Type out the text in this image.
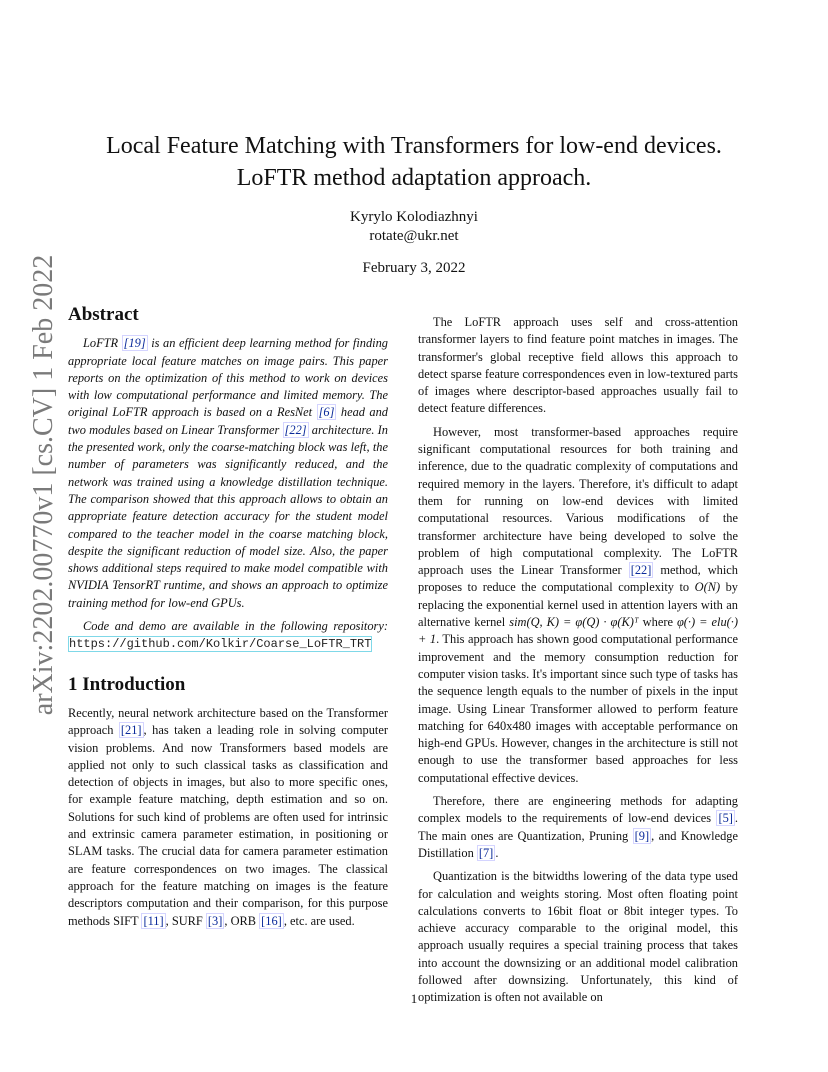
arXiv:2202.00770v1 [cs.CV] 1 Feb 2022
Local Feature Matching with Transformers for low-end devices.
LoFTR method adaptation approach.
Kyrylo Kolodiazhnyi
rotate@ukr.net
February 3, 2022
Abstract

LoFTR [19] is an efficient deep learning method for finding appropriate local feature matches on image pairs. This paper reports on the optimization of this method to work on devices with low computational performance and limited memory. The original LoFTR approach is based on a ResNet [6] head and two modules based on Linear Transformer [22] architecture. In the presented work, only the coarse-matching block was left, the number of parameters was significantly reduced, and the network was trained using a knowledge distillation technique. The comparison showed that this approach allows to obtain an appropriate feature detection accuracy for the student model compared to the teacher model in the coarse matching block, despite the significant reduction of model size. Also, the paper shows additional steps required to make model compatible with NVIDIA TensorRT runtime, and shows an approach to optimize training method for low-end GPUs.

Code and demo are available in the following repository: https://github.com/Kolkir/Coarse_LoFTR_TRT

1 Introduction

Recently, neural network architecture based on the Transformer approach [21] , has taken a leading role in solving computer vision problems. And now Transformers based models are applied not only to such classical tasks as classification and detection of objects in images, but also to more specific ones, for example feature matching, depth estimation and so on. Solutions for such kind of problems are often used for intrinsic and extrinsic camera parameter estimation, in positioning or SLAM tasks. The crucial data for camera parameter estimation are feature correspondences on two images. The classical approach for the feature matching on images is the feature descriptors computation and their comparison, for this purpose methods SIFT [11] , SURF [3] , ORB [16] , etc. are used.

The LoFTR approach uses self and cross-attention transformer layers to find feature point matches in images. The transformer's global receptive field allows this approach to detect sparse feature correspondences even in low-textured parts of images where descriptor-based approaches usually fail to detect feature differences.

However, most transformer-based approaches require significant computational resources for both training and inference, due to the quadratic complexity of computations and required memory in the layers. Therefore, it's difficult to adapt them for running on low-end devices with limited computational resources. Various modifications of the transformer architecture have being developed to solve the problem of high computational complexity. The LoFTR approach uses the Linear Transformer [22] method, which proposes to reduce the computational complexity to O(N) by replacing the exponential kernel used in attention layers with an alternative kernel sim(Q, K) = φ(Q) · φ(K)ᵀ where φ(·) = elu(·) + 1. This approach has shown good computational performance improvement and the memory consumption reduction for computer vision tasks. It's important since such type of tasks has the sequence length equals to the number of pixels in the input image. Using Linear Transformer allowed to perform feature matching for 640x480 images with acceptable performance on high-end GPUs. However, changes in the architecture is still not enough to use the transformer based approaches for less computational effective devices.

Therefore, there are engineering methods for adapting complex models to the requirements of low-end devices [5] . The main ones are Quantization, Pruning [9] , and Knowledge Distillation [7] .

Quantization is the bitwidths lowering of the data type used for calculation and weights storing. Most often floating point calculations converts to 16bit float or 8bit integer types. To achieve accuracy comparable to the original model, this approach usually requires a special training process that takes into account the downsizing or an additional model calibration followed after downsizing. Unfortunately, this kind of optimization is often not available on

1
